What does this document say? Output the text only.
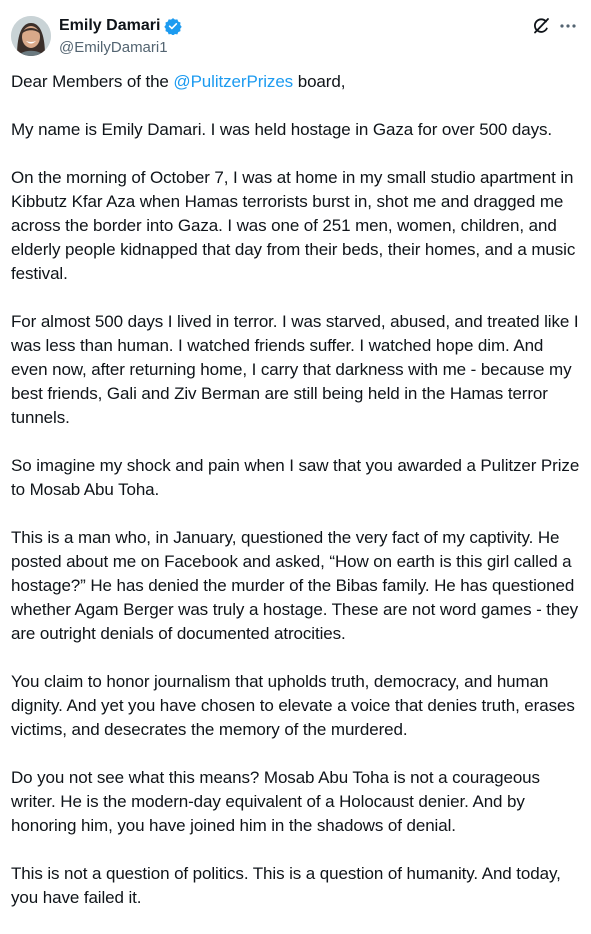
Emily Damari
@EmilyDamari1

Dear Members of the @PulitzerPrizes board,

My name is Emily Damari. I was held hostage in Gaza for over 500 days.

On the morning of October 7, I was at home in my small studio apartment in Kibbutz Kfar Aza when Hamas terrorists burst in, shot me and dragged me across the border into Gaza. I was one of 251 men, women, children, and elderly people kidnapped that day from their beds, their homes, and a music festival.

For almost 500 days I lived in terror. I was starved, abused, and treated like I was less than human. I watched friends suffer. I watched hope dim. And even now, after returning home, I carry that darkness with me - because my best friends, Gali and Ziv Berman are still being held in the Hamas terror tunnels.

So imagine my shock and pain when I saw that you awarded a Pulitzer Prize to Mosab Abu Toha.

This is a man who, in January, questioned the very fact of my captivity. He posted about me on Facebook and asked, “How on earth is this girl called a hostage?” He has denied the murder of the Bibas family. He has questioned whether Agam Berger was truly a hostage. These are not word games - they are outright denials of documented atrocities.

You claim to honor journalism that upholds truth, democracy, and human dignity. And yet you have chosen to elevate a voice that denies truth, erases victims, and desecrates the memory of the murdered.

Do you not see what this means? Mosab Abu Toha is not a courageous writer. He is the modern-day equivalent of a Holocaust denier. And by honoring him, you have joined him in the shadows of denial.

This is not a question of politics. This is a question of humanity. And today, you have failed it.
